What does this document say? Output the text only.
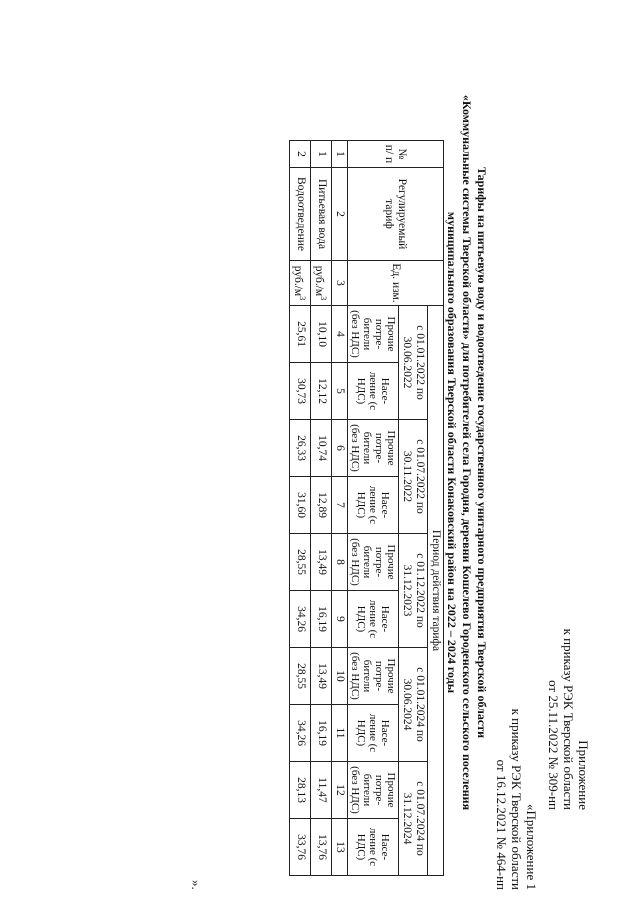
Приложение
к приказу РЭК Тверской области
от 25.11.2022 № 309-нп
«Приложение 1
к приказу РЭК Тверской области
от 16.12.2021 № 464-нп
Тарифы на питьевую воду и водоотведение государственного унитарного предприятия Тверской области
«Коммунальные системы Тверской области» для потребителей села Городня, деревни Кошелево Городенского сельского поселения
муниципального образования Тверской области Конаковский район на 2022 – 2024 годы
№ п/ п	Регулируемый тариф	Ед. изм.	Период действия тарифа									
			с 01.01.2022 по 30.06.2022		с 01.07.2022 по 30.11.2022		с 01.12.2022 по 31.12.2023		с 01.01.2024 по 30.06.2024		с 01.07.2024 по 31.12.2024	
			Прочие потре- бители (без НДС)	Насе- ление (с НДС)	Прочие потре- бители (без НДС)	Насе- ление (с НДС)	Прочие потре- бители (без НДС)	Насе- ление (с НДС)	Прочие потре- бители (без НДС)	Насе- ление (с НДС)	Прочие потре- бители (без НДС)	Насе- ление (с НДС)
1	2	3	4	5	6	7	8	9	10	11	12	13
1	Питьевая вода	$руб./м^3$	10,10	12,12	10,74	12,89	13,49	16,19	13,49	16,19	11,47	13,76
2	Водоотведение	$руб./м^3$	25,61	30,73	26,33	31,60	28,55	34,26	28,55	34,26	28,13	33,76
».
